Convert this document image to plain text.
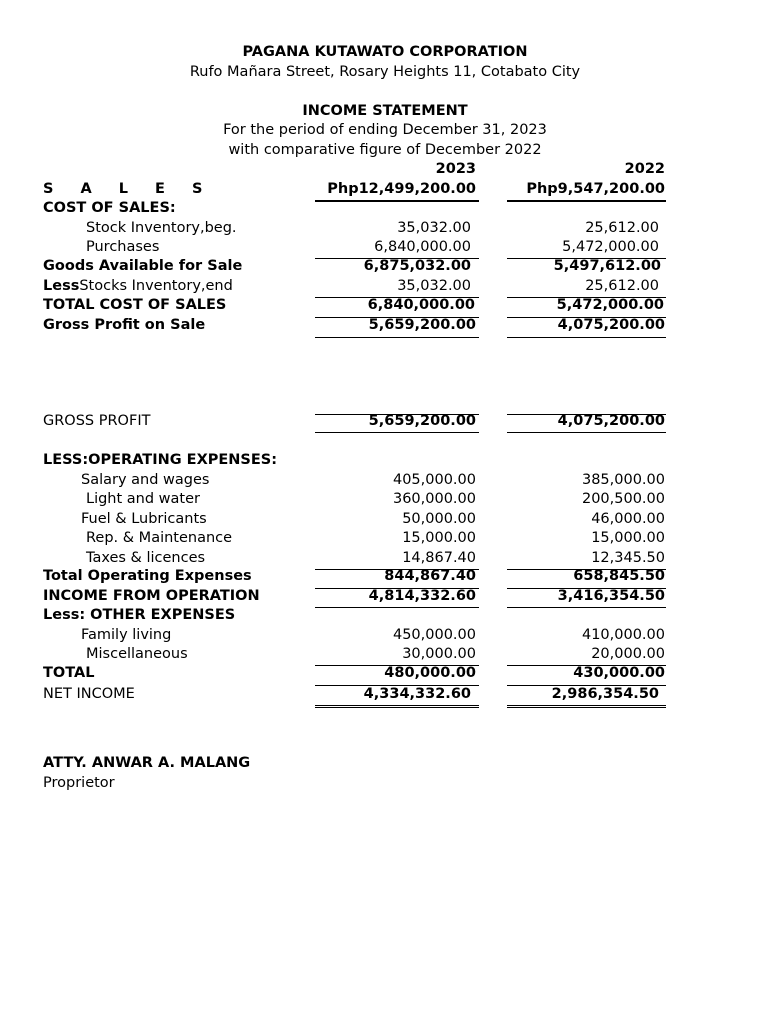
PAGANA KUTAWATO CORPORATION
Rufo Mañara Street, Rosary Heights 11, Cotabato City
INCOME STATEMENT
For the period of ending December 31, 2023
with comparative figure of December 2022
2023	2022
S A L E S	Php12,499,200.00	Php9,547,200.00
COST OF SALES:
Stock Inventory,beg.	35,032.00	25,612.00
Purchases	6,840,000.00	5,472,000.00
Goods Available for Sale	6,875,032.00	5,497,612.00
LessStocks Inventory,end	35,032.00	25,612.00
TOTAL COST OF SALES	6,840,000.00	5,472,000.00
Gross Profit on Sale	5,659,200.00	4,075,200.00
GROSS PROFIT	5,659,200.00	4,075,200.00
LESS:OPERATING EXPENSES:
Salary and wages	405,000.00	385,000.00
Light and water	360,000.00	200,500.00
Fuel & Lubricants	50,000.00	46,000.00
Rep. & Maintenance	15,000.00	15,000.00
Taxes & licences	14,867.40	12,345.50
Total Operating Expenses	844,867.40	658,845.50
INCOME FROM OPERATION	4,814,332.60	3,416,354.50
Less: OTHER EXPENSES
Family living	450,000.00	410,000.00
Miscellaneous	30,000.00	20,000.00
TOTAL	480,000.00	430,000.00
NET INCOME	4,334,332.60	2,986,354.50
ATTY. ANWAR A. MALANG
Proprietor
